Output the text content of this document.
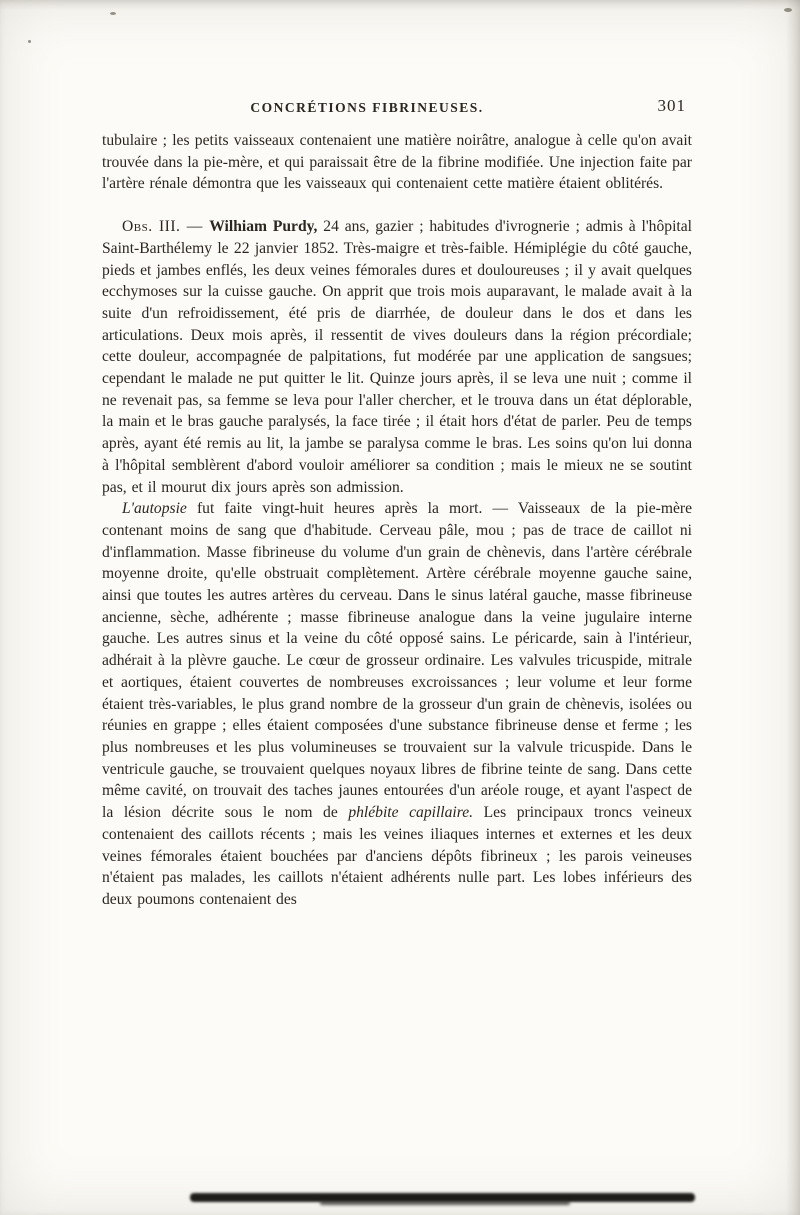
CONCRÉTIONS FIBRINEUSES.	301

tubulaire ; les petits vaisseaux contenaient une matière noirâtre, analogue à celle qu'on avait trouvée dans la pie-mère, et qui paraissait être de la fibrine modifiée. Une injection faite par l'artère rénale démontra que les vaisseaux qui contenaient cette matière étaient oblitérés.

Obs. III. — Wilhiam Purdy, 24 ans, gazier ; habitudes d'ivrognerie ; admis à l'hôpital Saint-Barthélemy le 22 janvier 1852. Très-maigre et très-faible. Hémiplégie du côté gauche, pieds et jambes enflés, les deux veines fémorales dures et douloureuses ; il y avait quelques ecchymoses sur la cuisse gauche. On apprit que trois mois auparavant, le malade avait à la suite d'un refroidissement, été pris de diarrhée, de douleur dans le dos et dans les articulations. Deux mois après, il ressentit de vives douleurs dans la région précordiale; cette douleur, accompagnée de palpitations, fut modérée par une application de sangsues; cependant le malade ne put quitter le lit. Quinze jours après, il se leva une nuit ; comme il ne revenait pas, sa femme se leva pour l'aller chercher, et le trouva dans un état déplorable, la main et le bras gauche paralysés, la face tirée ; il était hors d'état de parler. Peu de temps après, ayant été remis au lit, la jambe se paralysa comme le bras. Les soins qu'on lui donna à l'hôpital semblèrent d'abord vouloir améliorer sa condition ; mais le mieux ne se soutint pas, et il mourut dix jours après son admission.

L'autopsie fut faite vingt-huit heures après la mort. — Vaisseaux de la pie-mère contenant moins de sang que d'habitude. Cerveau pâle, mou ; pas de trace de caillot ni d'inflammation. Masse fibrineuse du volume d'un grain de chènevis, dans l'artère cérébrale moyenne droite, qu'elle obstruait complètement. Artère cérébrale moyenne gauche saine, ainsi que toutes les autres artères du cerveau. Dans le sinus latéral gauche, masse fibrineuse ancienne, sèche, adhérente ; masse fibrineuse analogue dans la veine jugulaire interne gauche. Les autres sinus et la veine du côté opposé sains. Le péricarde, sain à l'intérieur, adhérait à la plèvre gauche. Le cœur de grosseur ordinaire. Les valvules tricuspide, mitrale et aortiques, étaient couvertes de nombreuses excroissances ; leur volume et leur forme étaient très-variables, le plus grand nombre de la grosseur d'un grain de chènevis, isolées ou réunies en grappe ; elles étaient composées d'une substance fibrineuse dense et ferme ; les plus nombreuses et les plus volumineuses se trouvaient sur la valvule tricuspide. Dans le ventricule gauche, se trouvaient quelques noyaux libres de fibrine teinte de sang. Dans cette même cavité, on trouvait des taches jaunes entourées d'un aréole rouge, et ayant l'aspect de la lésion décrite sous le nom de phlébite capillaire. Les principaux troncs veineux contenaient des caillots récents ; mais les veines iliaques internes et externes et les deux veines fémorales étaient bouchées par d'anciens dépôts fibrineux ; les parois veineuses n'étaient pas malades, les caillots n'étaient adhérents nulle part. Les lobes inférieurs des deux poumons contenaient des
